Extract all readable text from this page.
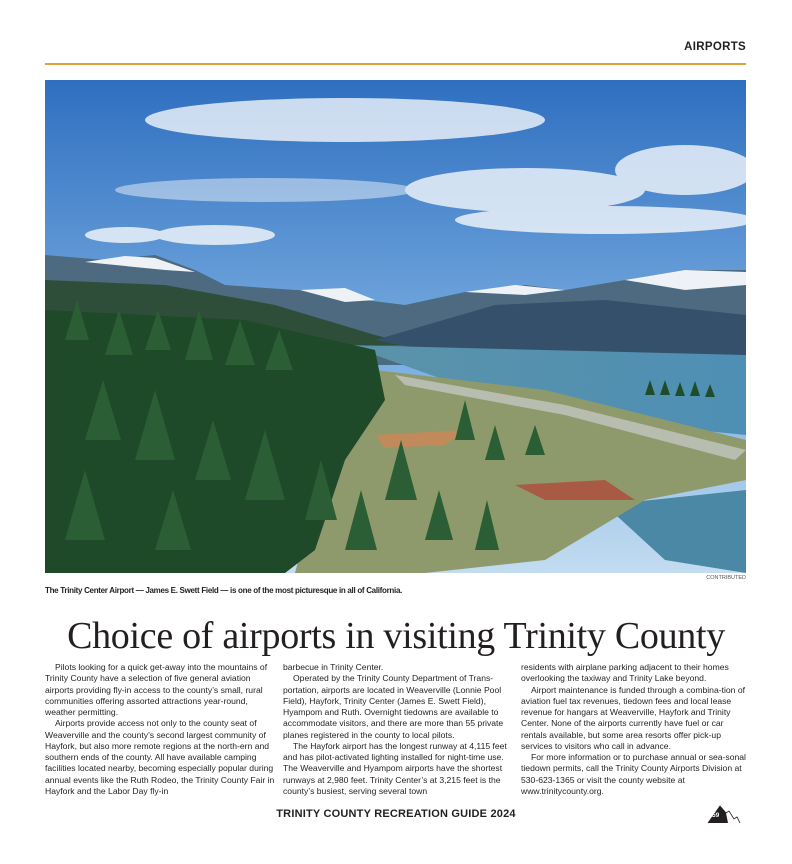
AIRPORTS
CONTRIBUTED
The Trinity Center Airport — James E. Swett Field — is one of the most picturesque in all of California.
Choice of airports in visiting Trinity County

Pilots looking for a quick get-away into the mountains of Trinity County have a selection of five general aviation airports providing fly-in access to the county’s small, rural communities offering assorted attractions year-round, weather permitting.

Airports provide access not only to the county seat of Weaverville and the county’s second largest community of Hayfork, but also more remote regions at the north-ern and southern ends of the county. All have available camping facilities located nearby, becoming especially popular during annual events like the Ruth Rodeo, the Trinity County Fair in Hayfork and the Labor Day fly-in

barbecue in Trinity Center.

Operated by the Trinity County Department of Trans-portation, airports are located in Weaverville (Lonnie Pool Field), Hayfork, Trinity Center (James E. Swett Field), Hyampom and Ruth. Overnight tiedowns are available to accommodate visitors, and there are more than 55 private planes registered in the county to local pilots.

The Hayfork airport has the longest runway at 4,115 feet and has pilot-activated lighting installed for night-time use. The Weaverville and Hyampom airports have the shortest runways at 2,980 feet. Trinity Center’s at 3,215 feet is the county’s busiest, serving several town

residents with airplane parking adjacent to their homes overlooking the taxiway and Trinity Lake beyond.

Airport maintenance is funded through a combina-tion of aviation fuel tax revenues, tiedown fees and local lease revenue for hangars at Weaverville, Hayfork and Trinity Center. None of the airports currently have fuel or car rentals available, but some area resorts offer pick-up services to visitors who call in advance.

For more information or to purchase annual or sea-sonal tiedown permits, call the Trinity County Airports Division at 530-623-1365 or visit the county website at www.trinitycounty.org.

TRINITY COUNTY RECREATION GUIDE 2024	59
